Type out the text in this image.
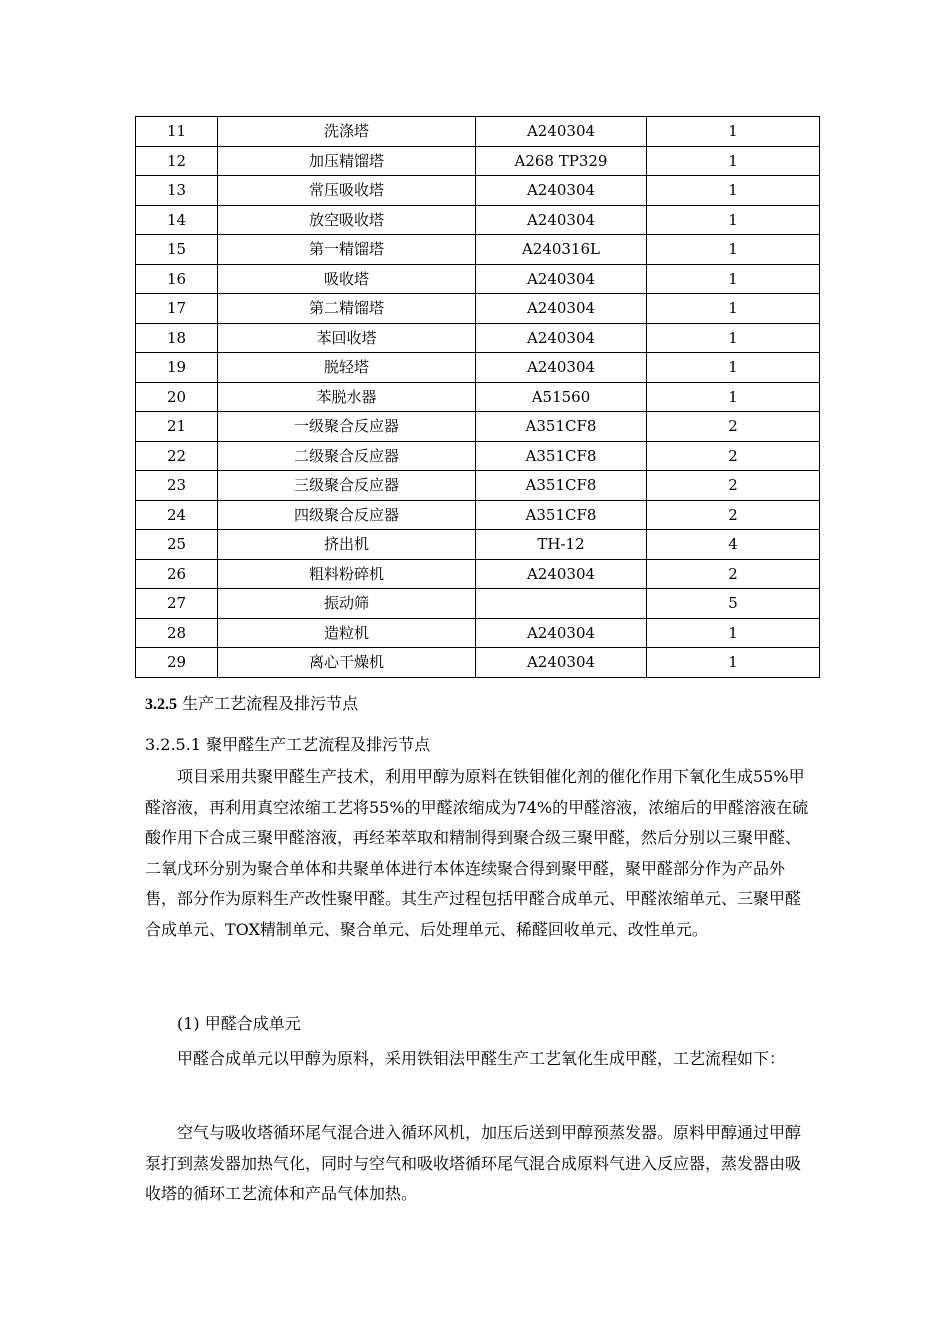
11	洗涤塔	A240304	1
12	加压精馏塔	A268 TP329	1
13	常压吸收塔	A240304	1
14	放空吸收塔	A240304	1
15	第一精馏塔	A240316L	1
16	吸收塔	A240304	1
17	第二精馏塔	A240304	1
18	苯回收塔	A240304	1
19	脱轻塔	A240304	1
20	苯脱水器	A51560	1
21	一级聚合反应器	A351CF8	2
22	二级聚合反应器	A351CF8	2
23	三级聚合反应器	A351CF8	2
24	四级聚合反应器	A351CF8	2
25	挤出机	TH-12	4
26	粗料粉碎机	A240304	2
27	振动筛		5
28	造粒机	A240304	1
29	离心干燥机	A240304	1
3.2.5 生产工艺流程及排污节点
3.2.5.1 聚甲醛生产工艺流程及排污节点

项目采用共聚甲醛生产技术，利用甲醇为原料在铁钼催化剂的催化作用下氧化生成55%甲醛溶液，再利用真空浓缩工艺将55%的甲醛浓缩成为74%的甲醛溶液，浓缩后的甲醛溶液在硫酸作用下合成三聚甲醛溶液，再经苯萃取和精制得到聚合级三聚甲醛，然后分别以三聚甲醛、二氧戊环分别为聚合单体和共聚单体进行本体连续聚合得到聚甲醛，聚甲醛部分作为产品外售，部分作为原料生产改性聚甲醛。其生产过程包括甲醛合成单元、甲醛浓缩单元、三聚甲醛合成单元、TOX精制单元、聚合单元、后处理单元、稀醛回收单元、改性单元。

(1) 甲醛合成单元

甲醛合成单元以甲醇为原料，采用铁钼法甲醛生产工艺氧化生成甲醛，工艺流程如下：

空气与吸收塔循环尾气混合进入循环风机，加压后送到甲醇预蒸发器。原料甲醇通过甲醇泵打到蒸发器加热气化，同时与空气和吸收塔循环尾气混合成原料气进入反应器，蒸发器由吸收塔的循环工艺流体和产品气体加热。
